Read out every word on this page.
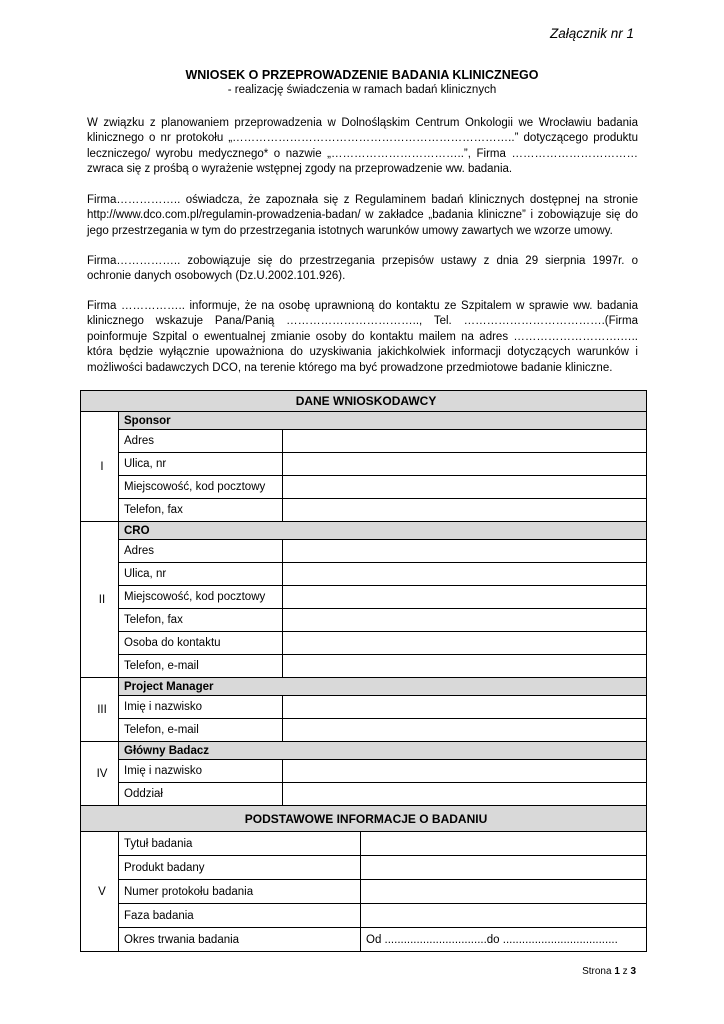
Załącznik nr 1
WNIOSEK O PRZEPROWADZENIE BADANIA KLINICZNEGO
- realizację świadczenia w ramach badań klinicznych

W związku z planowaniem przeprowadzenia w Dolnośląskim Centrum Onkologii we Wrocławiu badania klinicznego o nr protokołu „………………………………………………………………..” dotyczącego produktu leczniczego/ wyrobu medycznego* o nazwie „……………………………..”, Firma …………………………… zwraca się z prośbą o wyrażenie wstępnej zgody na przeprowadzenie ww. badania.

Firma…………….. oświadcza, że zapoznała się z Regulaminem badań klinicznych dostępnej na stronie http://www.dco.com.pl/regulamin-prowadzenia-badan/ w zakładce „badania kliniczne” i zobowiązuje się do jego przestrzegania w tym do przestrzegania istotnych warunków umowy zawartych we wzorze umowy.

Firma…………….. zobowiązuje się do przestrzegania przepisów ustawy z dnia 29 sierpnia 1997r. o ochronie danych osobowych (Dz.U.2002.101.926).

Firma …………….. informuje, że na osobę uprawnioną do kontaktu ze Szpitalem w sprawie ww. badania klinicznego wskazuje Pana/Panią …………………………….., Tel. ……………………………….(Firma poinformuje Szpital o ewentualnej zmianie osoby do kontaktu mailem na adres ……………………….….. która będzie wyłącznie upoważniona do uzyskiwania jakichkolwiek informacji dotyczących warunków i możliwości badawczych DCO, na terenie którego ma być prowadzone przedmiotowe badanie kliniczne.

DANE WNIOSKODAWCY			
I	Sponsor		
	Adres		
	Ulica, nr		
	Miejscowość, kod pocztowy		
	Telefon, fax		
II	CRO		
	Adres		
	Ulica, nr		
	Miejscowość, kod pocztowy		
	Telefon, fax		
	Osoba do kontaktu		
	Telefon, e-mail		
III	Project Manager		
	Imię i nazwisko		
	Telefon, e-mail		
IV	Główny Badacz		
	Imię i nazwisko		
	Oddział		
PODSTAWOWE INFORMACJE O BADANIU			
V	Tytuł badania		
	Produkt badany		
	Numer protokołu badania		
	Faza badania		
	Okres trwania badania		Od ................................do ....................................
Strona 1 z 3
